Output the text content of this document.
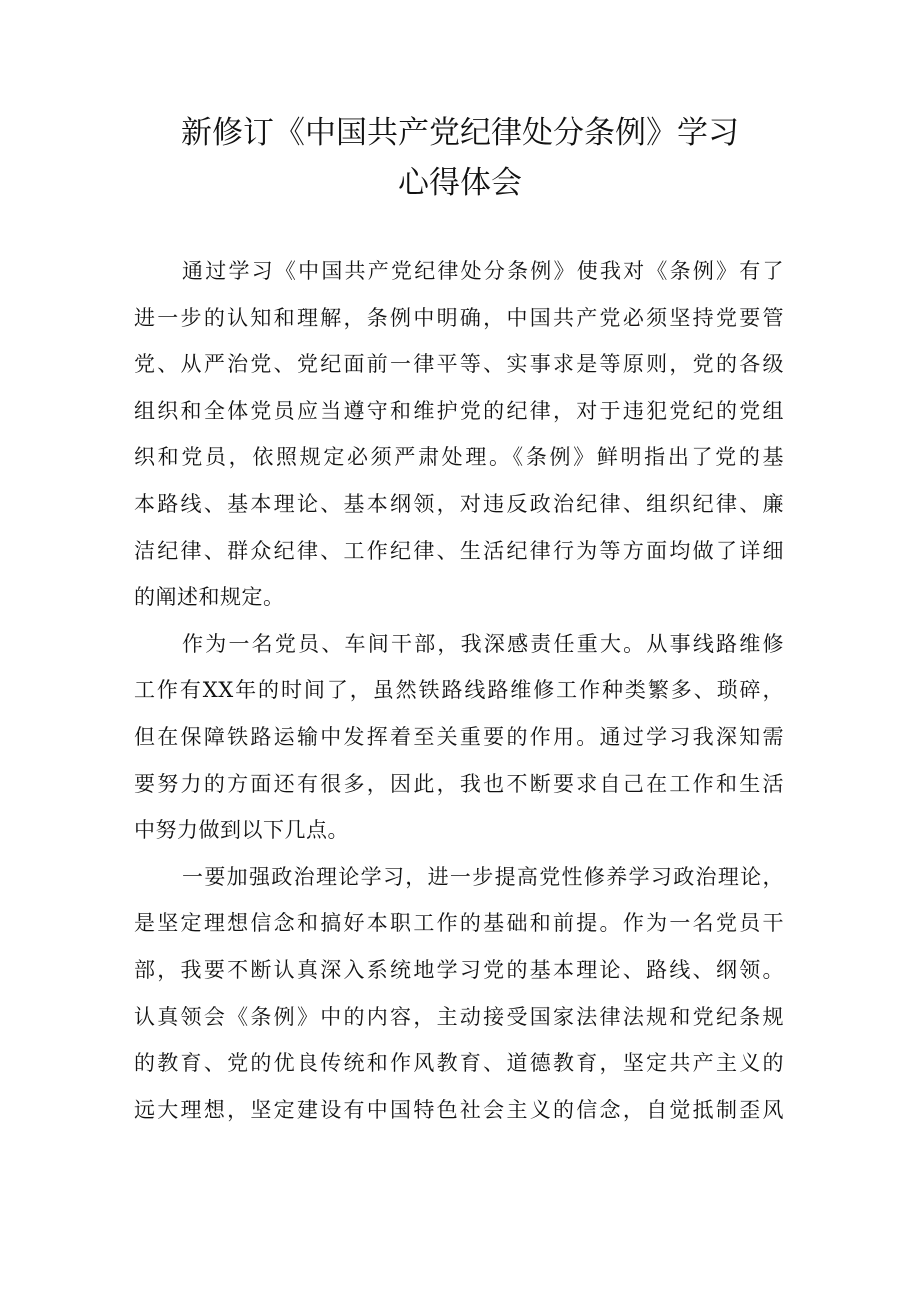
新修订《中国共产党纪律处分条例》学习
心得体会
通过学习《中国共产党纪律处分条例》使我对《条例》有了
进一步的认知和理解，条例中明确，中国共产党必须坚持党要管
党、从严治党、党纪面前一律平等、实事求是等原则，党的各级
组织和全体党员应当遵守和维护党的纪律，对于违犯党纪的党组
织和党员，依照规定必须严肃处理。《条例》鲜明指出了党的基
本路线、基本理论、基本纲领，对违反政治纪律、组织纪律、廉
洁纪律、群众纪律、工作纪律、生活纪律行为等方面均做了详细
的阐述和规定。
作为一名党员、车间干部，我深感责任重大。从事线路维修
工作有XX年的时间了，虽然铁路线路维修工作种类繁多、琐碎，
但在保障铁路运输中发挥着至关重要的作用。通过学习我深知需
要努力的方面还有很多，因此，我也不断要求自己在工作和生活
中努力做到以下几点。
一要加强政治理论学习，进一步提高党性修养学习政治理论，
是坚定理想信念和搞好本职工作的基础和前提。作为一名党员干
部，我要不断认真深入系统地学习党的基本理论、路线、纲领。
认真领会《条例》中的内容，主动接受国家法律法规和党纪条规
的教育、党的优良传统和作风教育、道德教育，坚定共产主义的
远大理想，坚定建设有中国特色社会主义的信念，自觉抵制歪风
